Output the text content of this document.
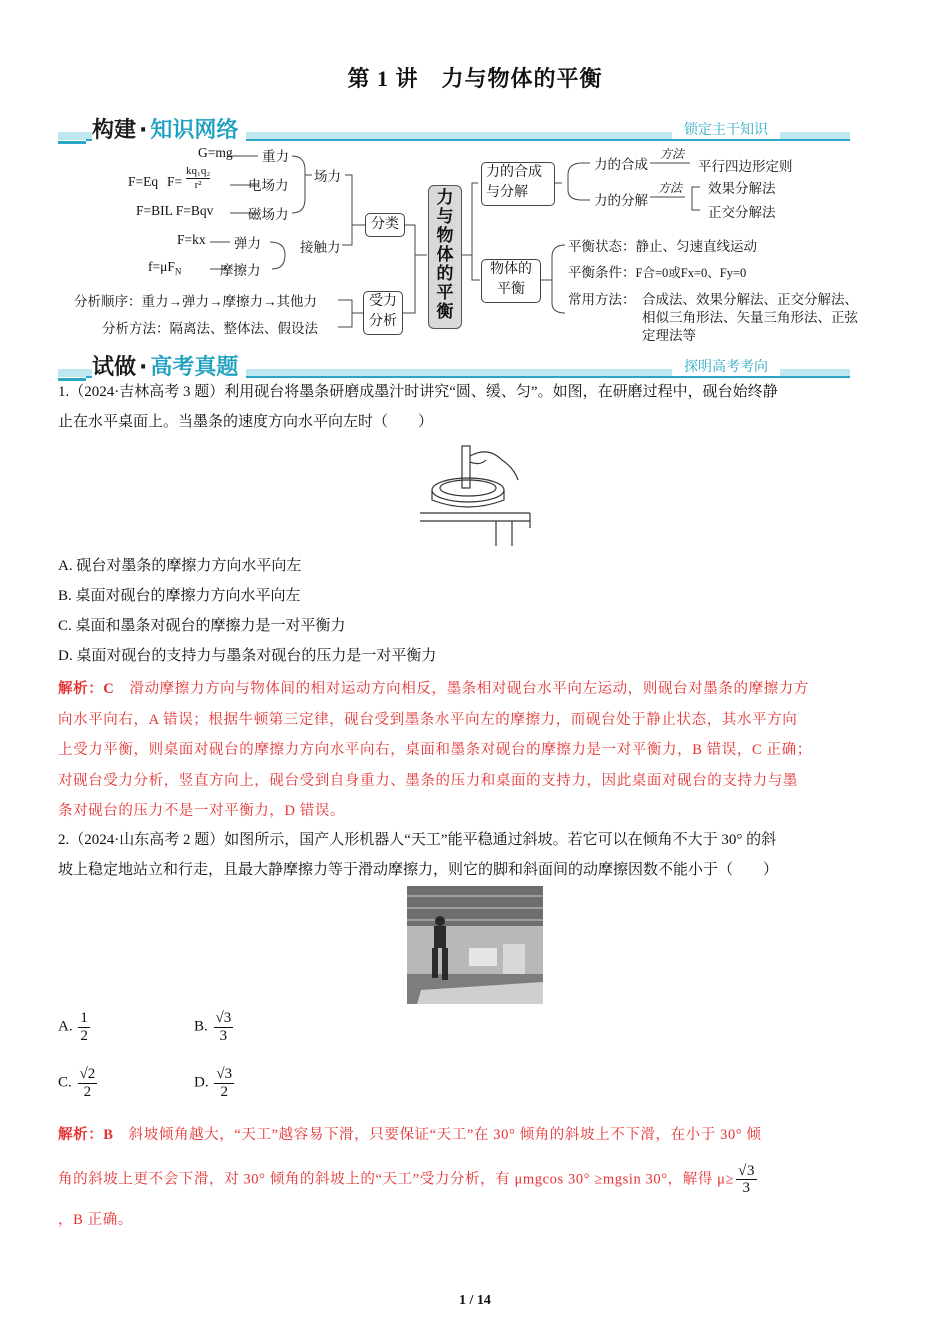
第 1 讲　力与物体的平衡
构建 · 知识网络	锁定主干知识
G=mg 重力
F=Eq F=
kq₁q₂
r²	电场力
F=BIL F=Bqv	磁场力
场力
F=kx 弹力
$f=\mu F_N$	摩擦力
接触力
分类
分析顺序：重力→弹力→摩擦力→其他力
分析方法：隔离法、整体法、假设法
受力
分析
力
与
物
体
的
平
衡
力的合成
与分解
力的合成
力的分解
方法
平行四边形定则
方法 效果分解法
正交分解法
物体的
平衡
平衡状态：静止、匀速直线运动
平衡条件：F合=0或Fx=0、Fy=0
常用方法： 合成法、效果分解法、正交分解法、
相似三角形法、矢量三角形法、正弦
定理法等
试做 · 高考真题	探明高考考向
1.（2024·吉林高考 3 题）利用砚台将墨条研磨成墨汁时讲究“圆、缓、匀”。如图，在研磨过程中，砚台始终静
止在水平桌面上。当墨条的速度方向水平向左时（　　）
A. 砚台对墨条的摩擦力方向水平向左
B. 桌面对砚台的摩擦力方向水平向左
C. 桌面和墨条对砚台的摩擦力是一对平衡力
D. 桌面对砚台的支持力与墨条对砚台的压力是一对平衡力
解析：C　滑动摩擦力方向与物体间的相对运动方向相反，墨条相对砚台水平向左运动，则砚台对墨条的摩擦力方
向水平向右，A 错误；根据牛顿第三定律，砚台受到墨条水平向左的摩擦力，而砚台处于静止状态，其水平方向
上受力平衡，则桌面对砚台的摩擦力方向水平向右，桌面和墨条对砚台的摩擦力是一对平衡力，B 错误，C 正确；
对砚台受力分析，竖直方向上，砚台受到自身重力、墨条的压力和桌面的支持力，因此桌面对砚台的支持力与墨
条对砚台的压力不是一对平衡力，D 错误。
2.（2024·山东高考 2 题）如图所示，国产人形机器人“天工”能平稳通过斜坡。若它可以在倾角不大于 30° 的斜
坡上稳定地站立和行走，且最大静摩擦力等于滑动摩擦力，则它的脚和斜面间的动摩擦因数不能小于（　　）
A. $\frac{1}{2}$	B. $\frac{√3}{3}$
C. $\frac{√2}{2}$	D. $\frac{√3}{2}$
解析：B　斜坡倾角越大，“天工”越容易下滑，只要保证“天工”在 30° 倾角的斜坡上不下滑，在小于 30° 倾
角的斜坡上更不会下滑，对 30° 倾角的斜坡上的“天工”受力分析，有 μmgcos 30° ≥mgsin 30°，解得 $\mu\ge \frac{√3}{3}$
，B 正确。
1 / 14
